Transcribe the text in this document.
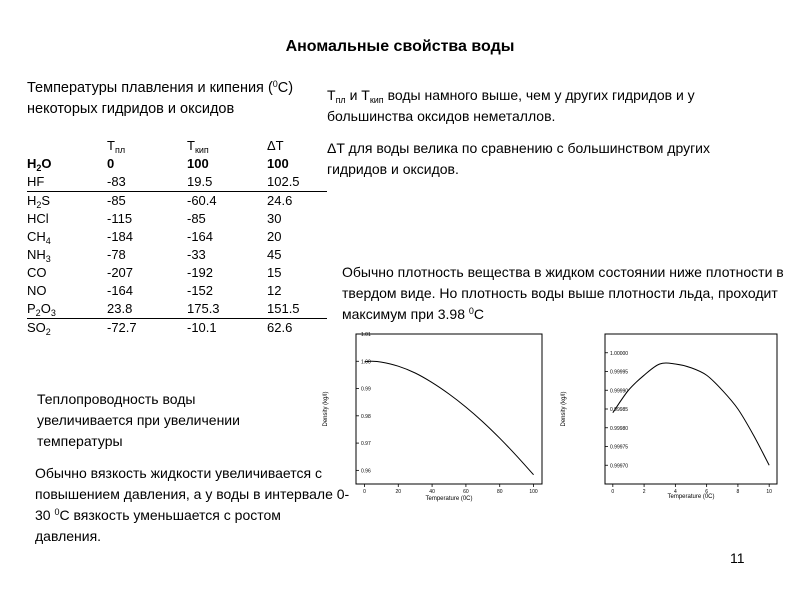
Аномальные свойства воды
Температуры плавления и кипения ($^0$C)
некоторых гидридов и оксидов
	$T_{пл}$	$T_{кип}$	ΔT
$H_2O$	0	100	100
HF	-83	19.5	102.5
$H_2S$	-85	-60.4	24.6
HCl	-115	-85	30
$CH_4$	-184	-164	20
$NH_3$	-78	-33	45
CO	-207	-192	15
NO	-164	-152	12
$P_2O_3$	23.8	175.3	151.5
$SO_2$	-72.7	-10.1	62.6
$T_{пл}$ и $T_{кип}$ воды намного выше, чем у других гидридов и у большинства оксидов неметаллов.
ΔT для воды велика по сравнению с большинством других гидридов и оксидов.
Обычно плотность вещества в жидком состоянии ниже плотности в твердом виде. Но плотность воды выше плотности льда, проходит максимум при 3.98 $^0$C
Теплопроводность воды увеличивается при увеличении температуры
Обычно вязкость жидкости увеличивается с повышением давления, а у воды в интервале 0-30 $^0$C вязкость уменьшается с ростом давления.
0.96
0.97
0.98
0.99
1.00
1.01
0	20	40	60	80	100
Temperature (0C)
Density (kg/l)
0.99970
0.99975
0.99980
0.99985
0.99990
0.99995
1.00000
0	2	4	6	8	10
Temperature (0C)
Density (kg/l)
11
